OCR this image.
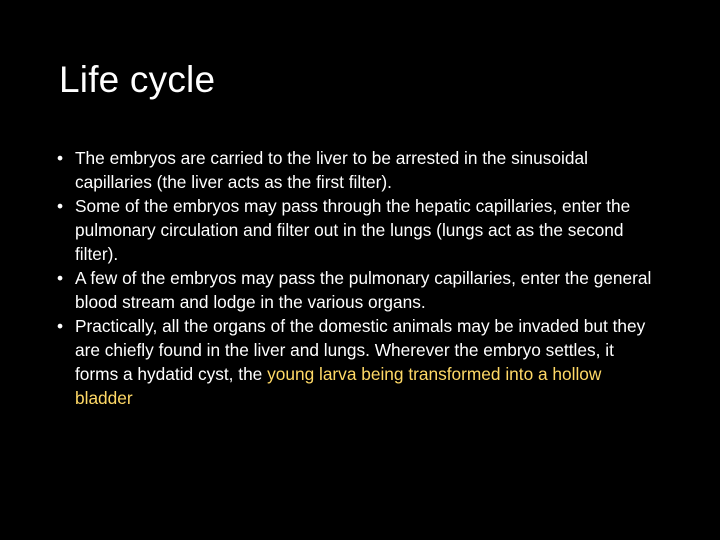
Life cycle
• The embryos are carried to the liver to be arrested in the sinusoidal capillaries (the liver acts as the first filter).
• Some of the embryos may pass through the hepatic capillaries, enter the pulmonary circulation and filter out in the lungs (lungs act as the second filter).
• A few of the embryos may pass the pulmonary capillaries, enter the general blood stream and lodge in the various organs.
• Practically, all the organs of the domestic animals may be invaded but they are chiefly found in the liver and lungs. Wherever the embryo settles, it forms a hydatid cyst, the young larva being transformed into a hollow bladder
